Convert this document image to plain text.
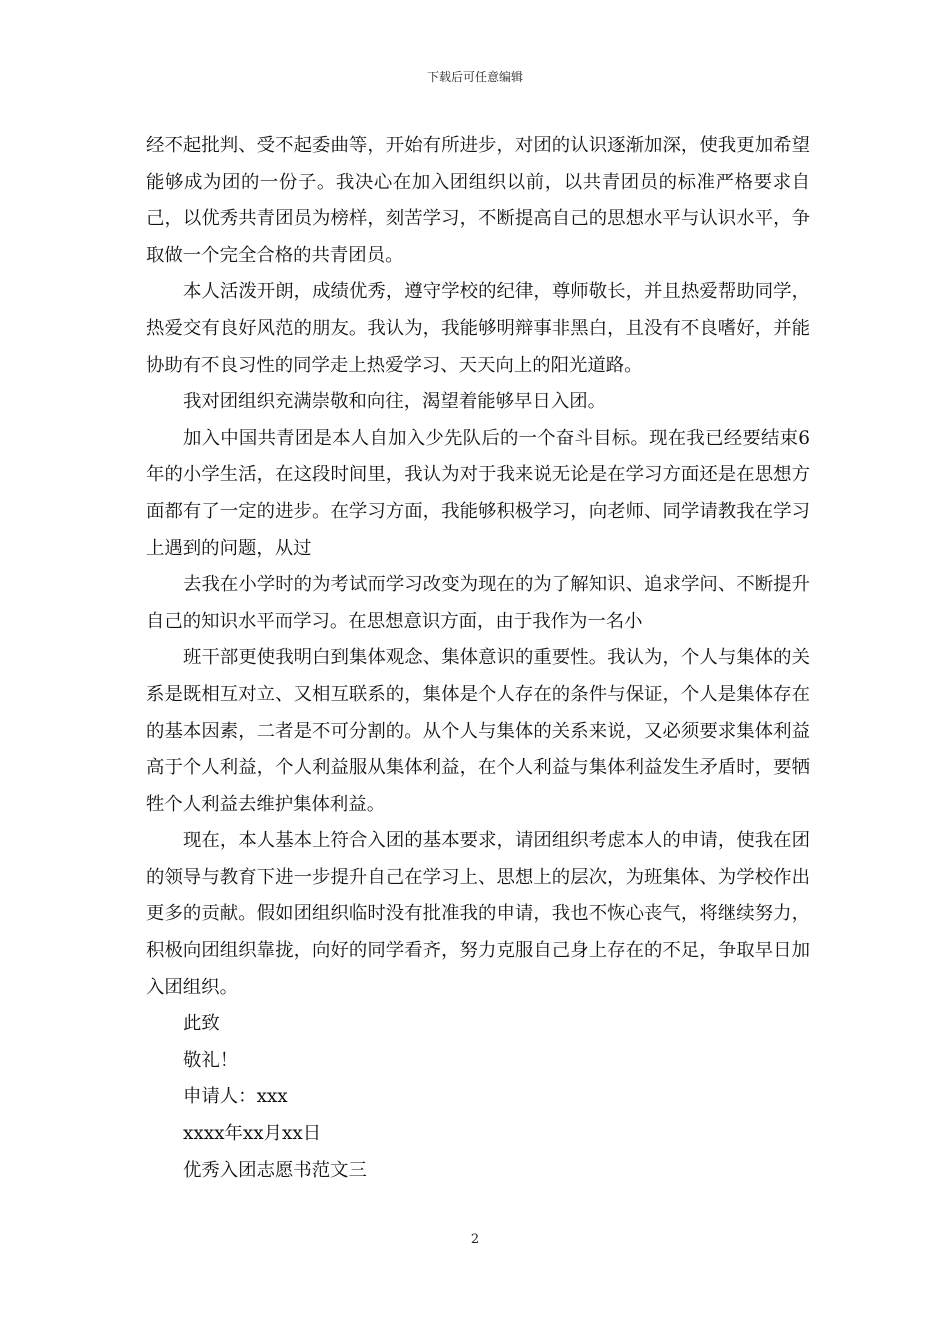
下载后可任意编辑

经不起批判、受不起委曲等，开始有所进步，对团的认识逐渐加深，使我更加希望能够成为团的一份子。我决心在加入团组织以前，以共青团员的标准严格要求自己，以优秀共青团员为榜样，刻苦学习，不断提高自己的思想水平与认识水平，争取做一个完全合格的共青团员。

本人活泼开朗，成绩优秀，遵守学校的纪律，尊师敬长，并且热爱帮助同学，热爱交有良好风范的朋友。我认为，我能够明辩事非黑白，且没有不良嗜好，并能协助有不良习性的同学走上热爱学习、天天向上的阳光道路。

我对团组织充满崇敬和向往，渴望着能够早日入团。

加入中国共青团是本人自加入少先队后的一个奋斗目标。现在我已经要结束6年的小学生活，在这段时间里，我认为对于我来说无论是在学习方面还是在思想方面都有了一定的进步。在学习方面，我能够积极学习，向老师、同学请教我在学习上遇到的问题，从过

去我在小学时的为考试而学习改变为现在的为了解知识、追求学问、不断提升自己的知识水平而学习。在思想意识方面，由于我作为一名小

班干部更使我明白到集体观念、集体意识的重要性。我认为，个人与集体的关系是既相互对立、又相互联系的，集体是个人存在的条件与保证，个人是集体存在的基本因素，二者是不可分割的。从个人与集体的关系来说，又必须要求集体利益高于个人利益，个人利益服从集体利益，在个人利益与集体利益发生矛盾时，要牺牲个人利益去维护集体利益。

现在，本人基本上符合入团的基本要求，请团组织考虑本人的申请，使我在团的领导与教育下进一步提升自己在学习上、思想上的层次，为班集体、为学校作出更多的贡献。假如团组织临时没有批准我的申请，我也不恢心丧气，将继续努力，积极向团组织靠拢，向好的同学看齐，努力克服自己身上存在的不足，争取早日加入团组织。

此致

敬礼！

申请人：xxx

xxxx年xx月xx日

优秀入团志愿书范文三

2
